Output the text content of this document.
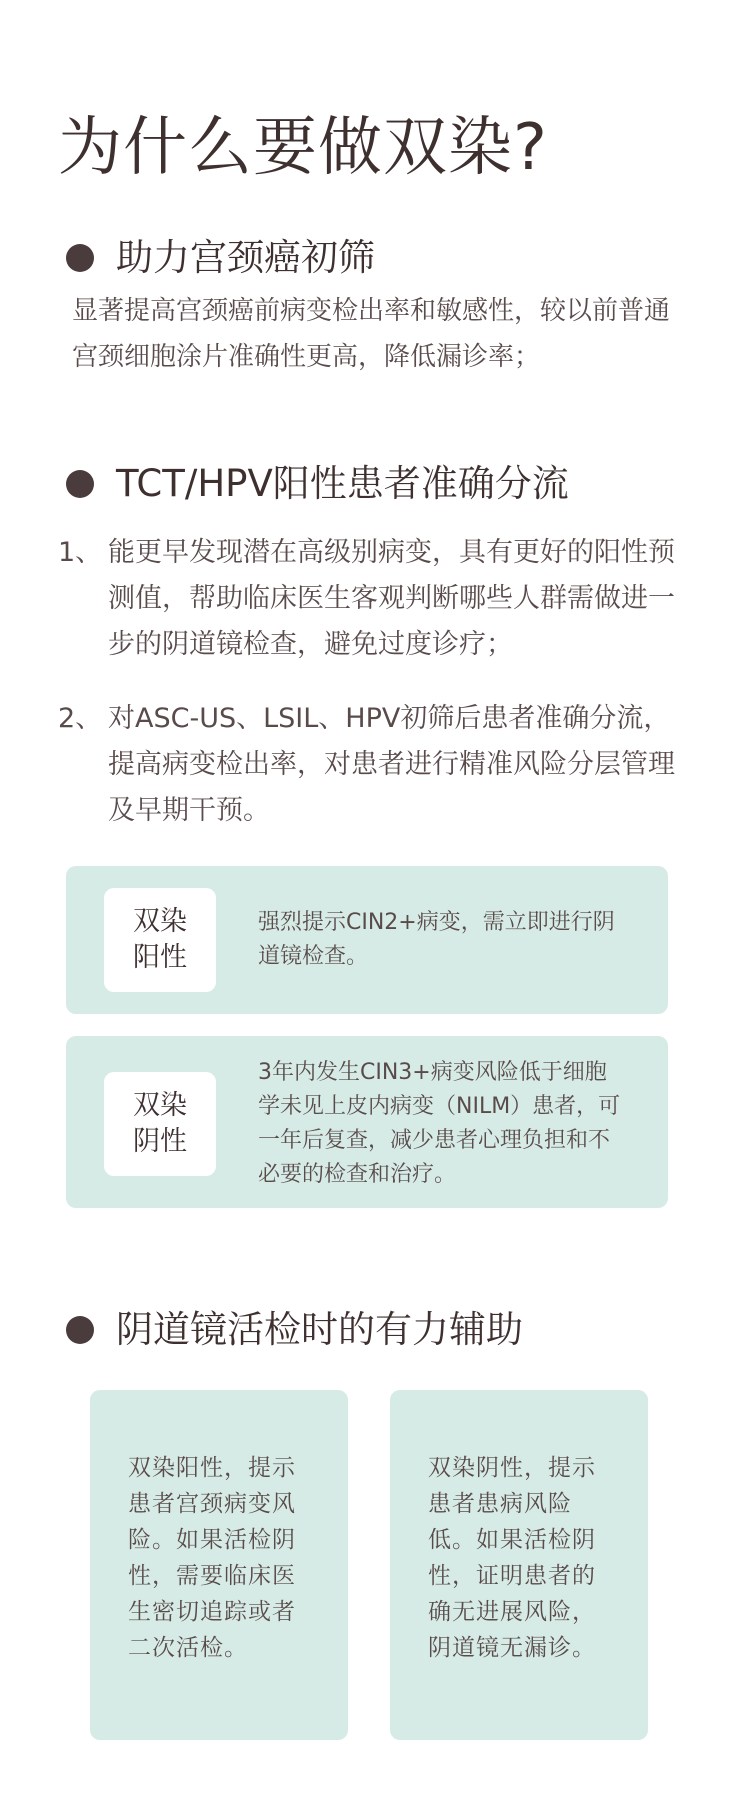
为什么要做双染?
助力宫颈癌初筛
显著提高宫颈癌前病变检出率和敏感性，较以前普通宫颈细胞涂片准确性更高，降低漏诊率；
TCT/HPV阳性患者准确分流
1、 能更早发现潜在高级别病变，具有更好的阳性预测值，帮助临床医生客观判断哪些人群需做进一步的阴道镜检查，避免过度诊疗；
2、 对ASC-US、LSIL、HPV初筛后患者准确分流，提高病变检出率，对患者进行精准风险分层管理及早期干预。
双染
阳性
强烈提示CIN2+病变，需立即进行阴道镜检查。
双染
阴性
3年内发生CIN3+病变风险低于细胞学未见上皮内病变（NILM）患者，可一年后复查，减少患者心理负担和不必要的检查和治疗。
阴道镜活检时的有力辅助
双染阳性，提示患者宫颈病变风险。如果活检阴性，需要临床医生密切追踪或者二次活检。
双染阴性，提示患者患病风险低。如果活检阴性，证明患者的确无进展风险，阴道镜无漏诊。
